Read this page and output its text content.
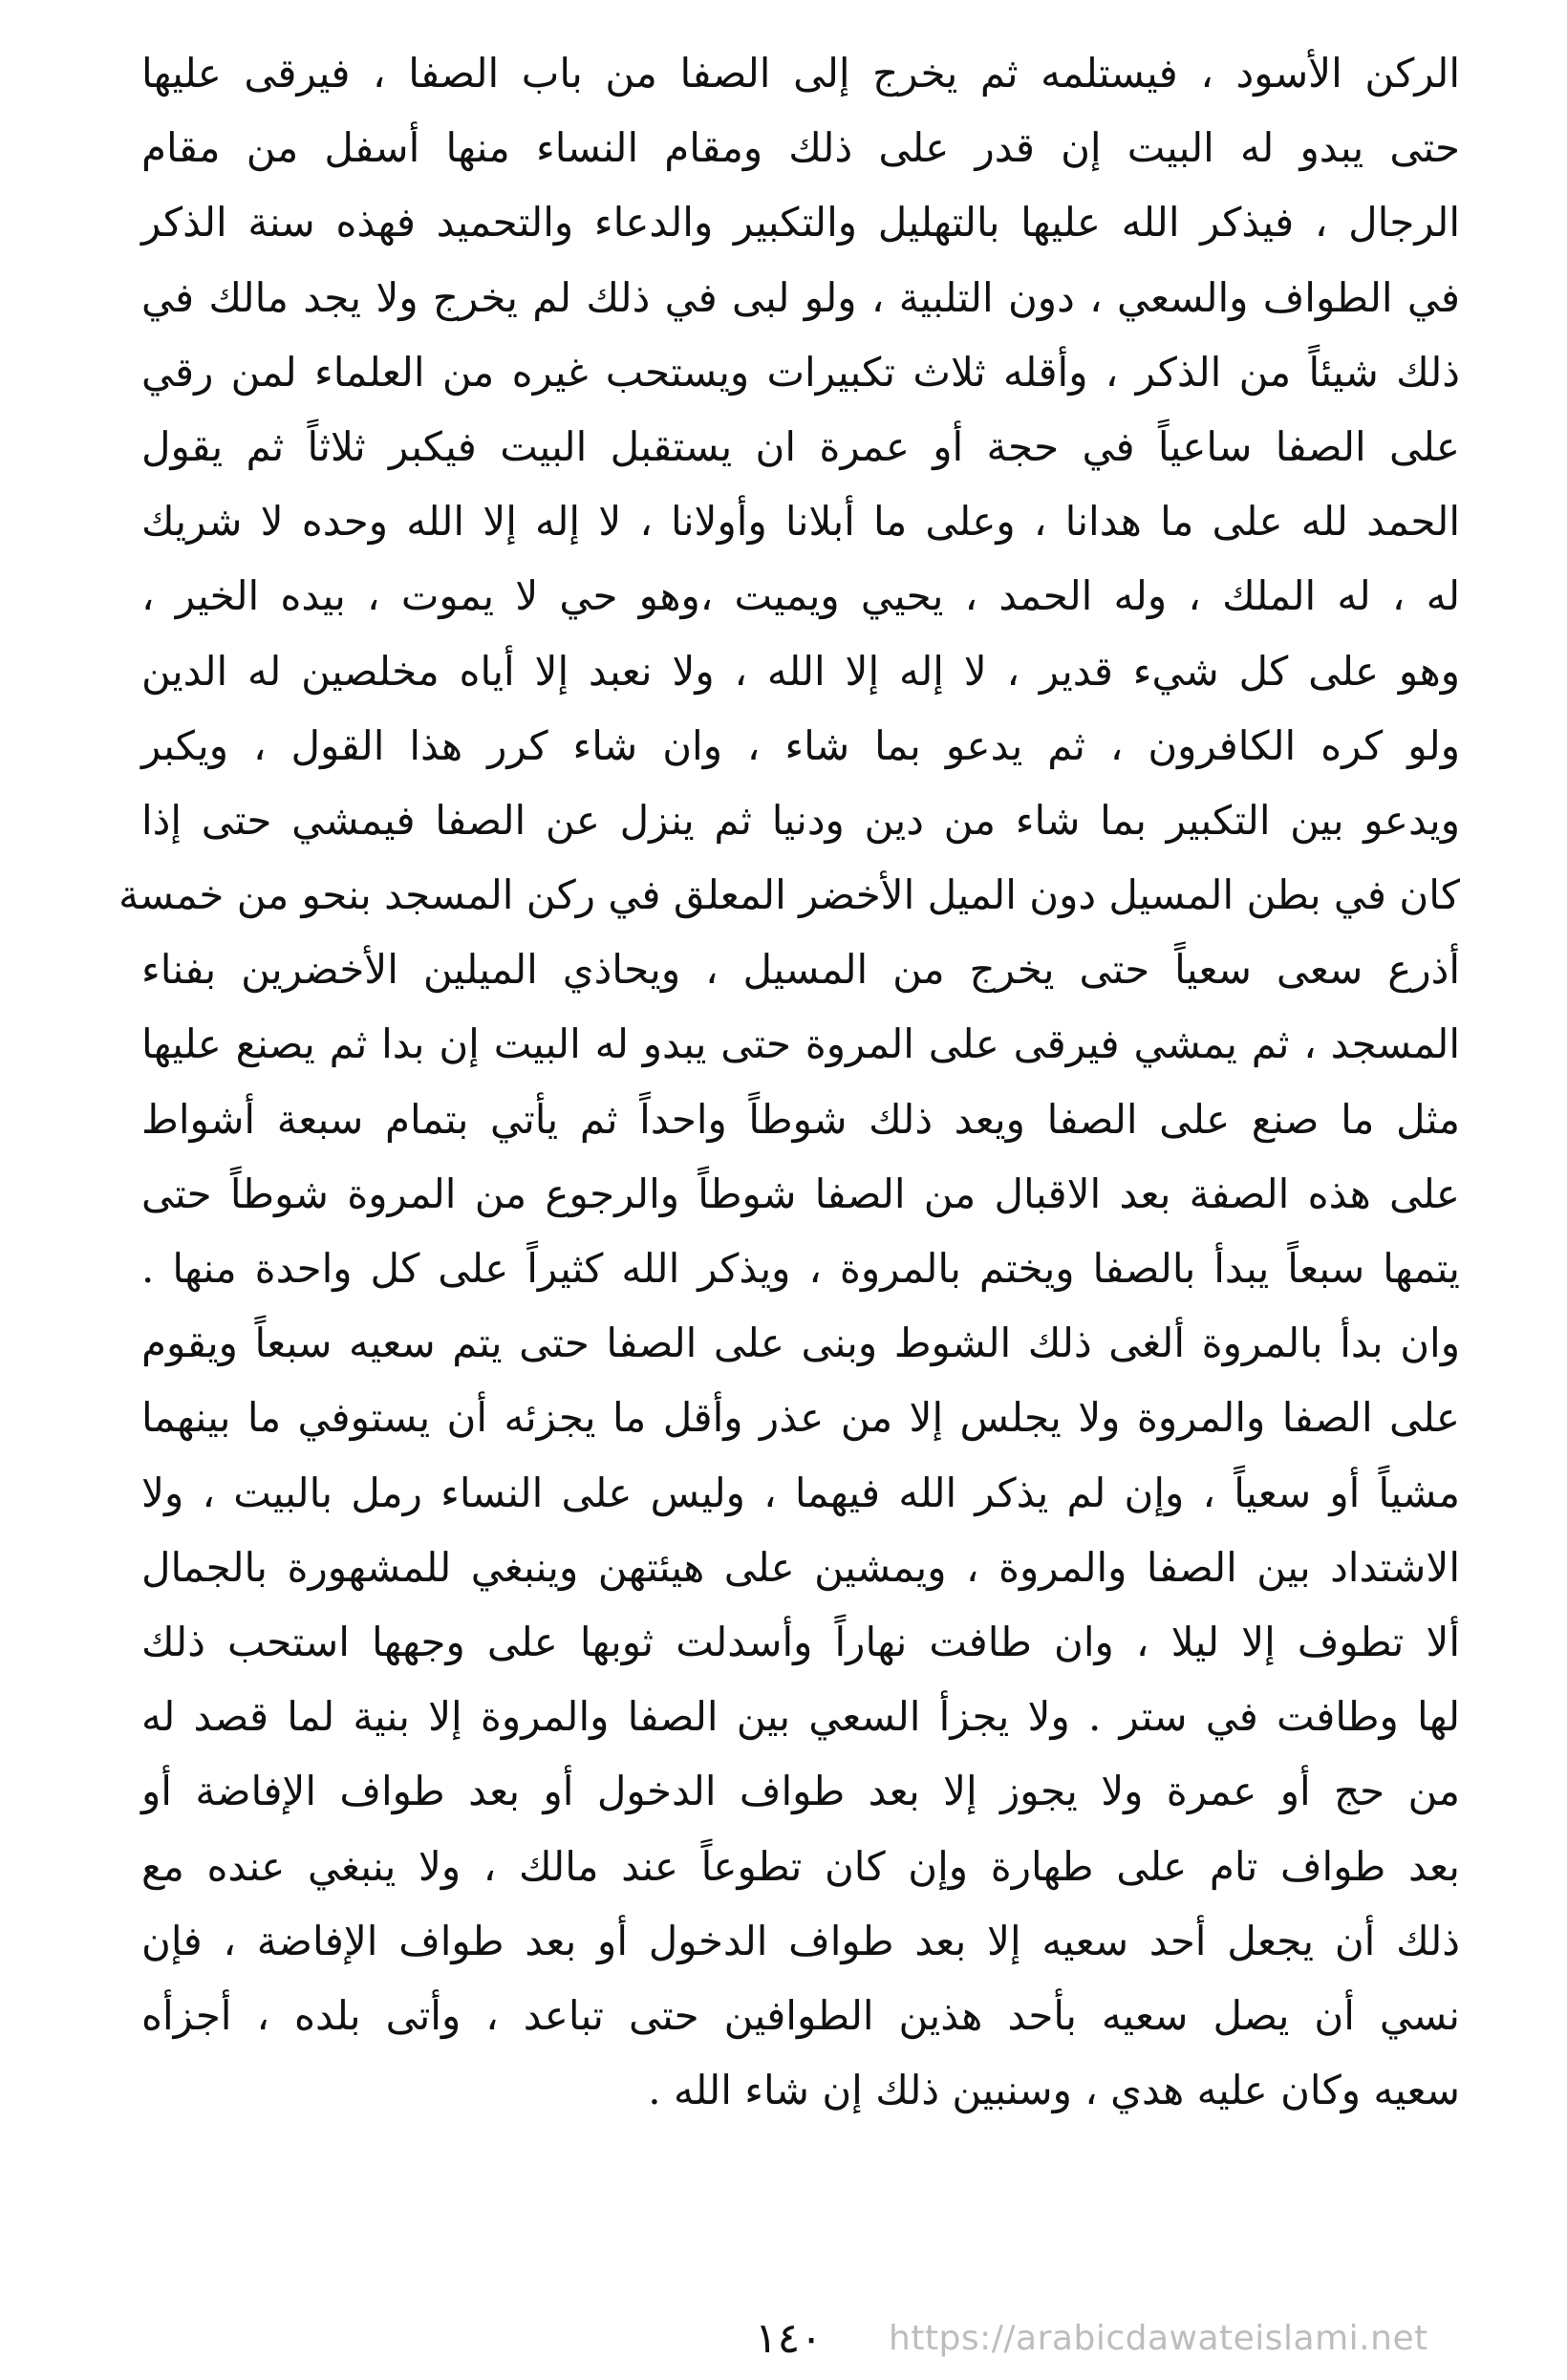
الركن الأسود ، فيستلمه ثم يخرج إلى الصفا من باب الصفا ، فيرقى عليها
حتى يبدو له البيت إن قدر على ذلك ومقام النساء منها أسفل من مقام
الرجال ، فيذكر الله عليها بالتهليل والتكبير والدعاء والتحميد فهذه سنة الذكر
في الطواف والسعي ، دون التلبية ، ولو لبى في ذلك لم يخرج ولا يجد مالك في
ذلك شيئاً من الذكر ، وأقله ثلاث تكبيرات ويستحب غيره من العلماء لمن رقي
على الصفا ساعياً في حجة أو عمرة ان يستقبل البيت فيكبر ثلاثاً ثم يقول
الحمد لله على ما هدانا ، وعلى ما أبلانا وأولانا ، لا إله إلا الله وحده لا شريك
له ، له الملك ، وله الحمد ، يحيي ويميت ،وهو حي لا يموت ، بيده الخير ،
وهو على كل شيء قدير ، لا إله إلا الله ، ولا نعبد إلا أياه مخلصين له الدين
ولو كره الكافرون ، ثم يدعو بما شاء ، وان شاء كرر هذا القول ، ويكبر
ويدعو بين التكبير بما شاء من دين ودنيا ثم ينزل عن الصفا فيمشي حتى إذا
كان في بطن المسيل دون الميل الأخضر المعلق في ركن المسجد بنحو من خمسة
أذرع سعى سعياً حتى يخرج من المسيل ، ويحاذي الميلين الأخضرين بفناء
المسجد ، ثم يمشي فيرقى على المروة حتى يبدو له البيت إن بدا ثم يصنع عليها
مثل ما صنع على الصفا ويعد ذلك شوطاً واحداً ثم يأتي بتمام سبعة أشواط
على هذه الصفة بعد الاقبال من الصفا شوطاً والرجوع من المروة شوطاً حتى
يتمها سبعاً يبدأ بالصفا ويختم بالمروة ، ويذكر الله كثيراً على كل واحدة منها .
وان بدأ بالمروة ألغى ذلك الشوط وبنى على الصفا حتى يتم سعيه سبعاً ويقوم
على الصفا والمروة ولا يجلس إلا من عذر وأقل ما يجزئه أن يستوفي ما بينهما
مشياً أو سعياً ، وإن لم يذكر الله فيهما ، وليس على النساء رمل بالبيت ، ولا
الاشتداد بين الصفا والمروة ، ويمشين على هيئتهن وينبغي للمشهورة بالجمال
ألا تطوف إلا ليلا ، وان طافت نهاراً وأسدلت ثوبها على وجهها استحب ذلك
لها وطافت في ستر . ولا يجزأ السعي بين الصفا والمروة إلا بنية لما قصد له
من حج أو عمرة ولا يجوز إلا بعد طواف الدخول أو بعد طواف الإفاضة أو
بعد طواف تام على طهارة وإن كان تطوعاً عند مالك ، ولا ينبغي عنده مع
ذلك أن يجعل أحد سعيه إلا بعد طواف الدخول أو بعد طواف الإفاضة ، فإن
نسي أن يصل سعيه بأحد هذين الطوافين حتى تباعد ، وأتى بلده ، أجزأه
سعيه وكان عليه هدي ، وسنبين ذلك إن شاء الله .
١٤٠ https://arabicdawateislami.net
